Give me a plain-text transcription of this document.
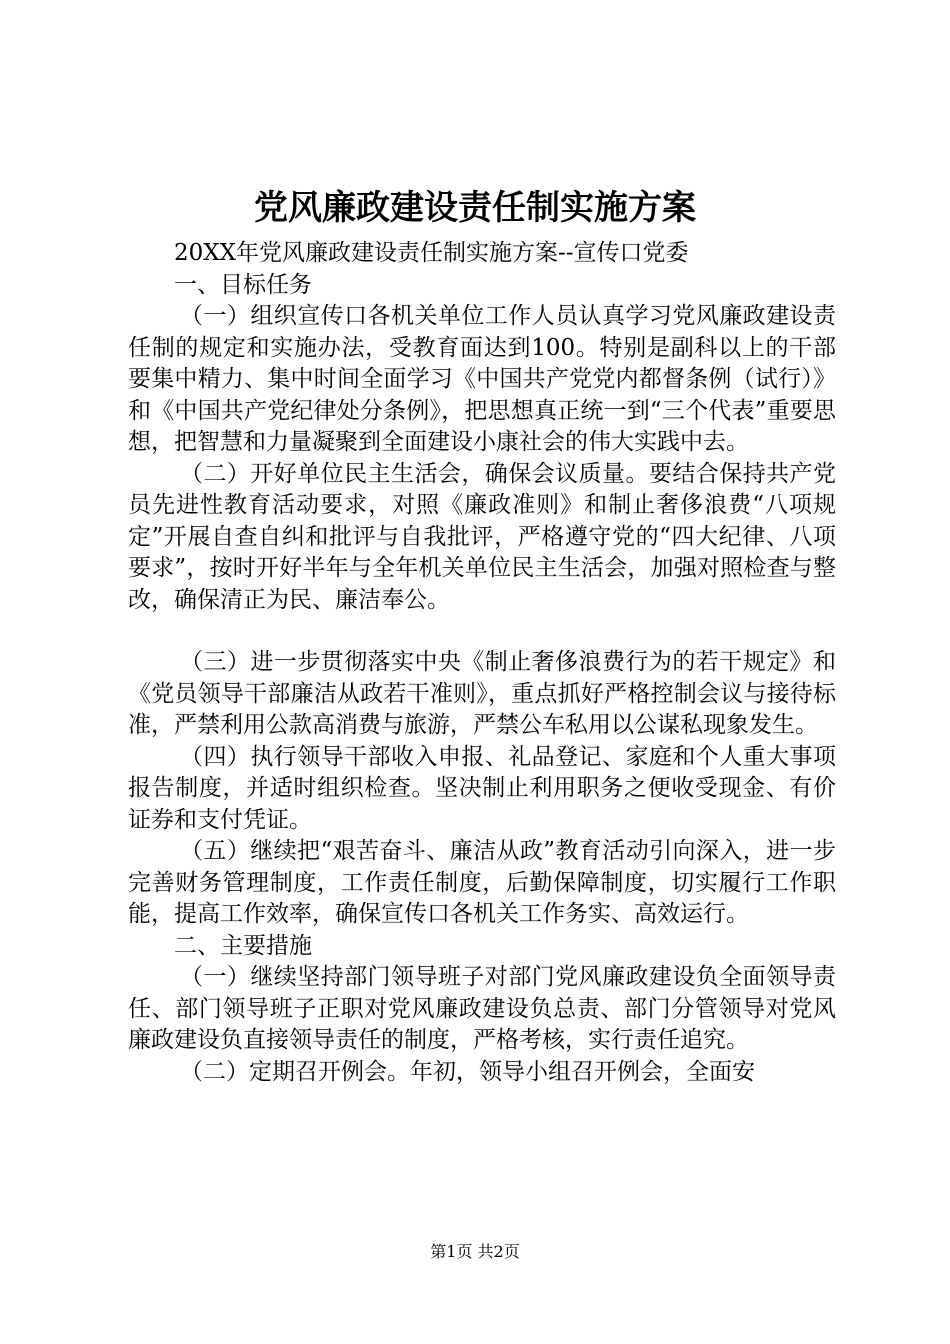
党风廉政建设责任制实施方案

20XX年党风廉政建设责任制实施方案--宣传口党委

一、目标任务

（一）组织宣传口各机关单位工作人员认真学习党风廉政建设责任制的规定和实施办法，受教育面达到100。特别是副科以上的干部要集中精力、集中时间全面学习《中国共产党党内都督条例（试行）》和《中国共产党纪律处分条例》，把思想真正统一到“三个代表”重要思想，把智慧和力量凝聚到全面建设小康社会的伟大实践中去。

（二）开好单位民主生活会，确保会议质量。要结合保持共产党员先进性教育活动要求，对照《廉政准则》和制止奢侈浪费“八项规定”开展自查自纠和批评与自我批评，严格遵守党的“四大纪律、八项要求”，按时开好半年与全年机关单位民主生活会，加强对照检查与整改，确保清正为民、廉洁奉公。

（三）进一步贯彻落实中央《制止奢侈浪费行为的若干规定》和《党员领导干部廉洁从政若干准则》，重点抓好严格控制会议与接待标准，严禁利用公款高消费与旅游，严禁公车私用以公谋私现象发生。

（四）执行领导干部收入申报、礼品登记、家庭和个人重大事项报告制度，并适时组织检查。坚决制止利用职务之便收受现金、有价证券和支付凭证。

（五）继续把“艰苦奋斗、廉洁从政”教育活动引向深入，进一步完善财务管理制度，工作责任制度，后勤保障制度，切实履行工作职能，提高工作效率，确保宣传口各机关工作务实、高效运行。

二、主要措施

（一）继续坚持部门领导班子对部门党风廉政建设负全面领导责任、部门领导班子正职对党风廉政建设负总责、部门分管领导对党风廉政建设负直接领导责任的制度，严格考核，实行责任追究。

（二）定期召开例会。年初，领导小组召开例会，全面安

第1页 共2页
